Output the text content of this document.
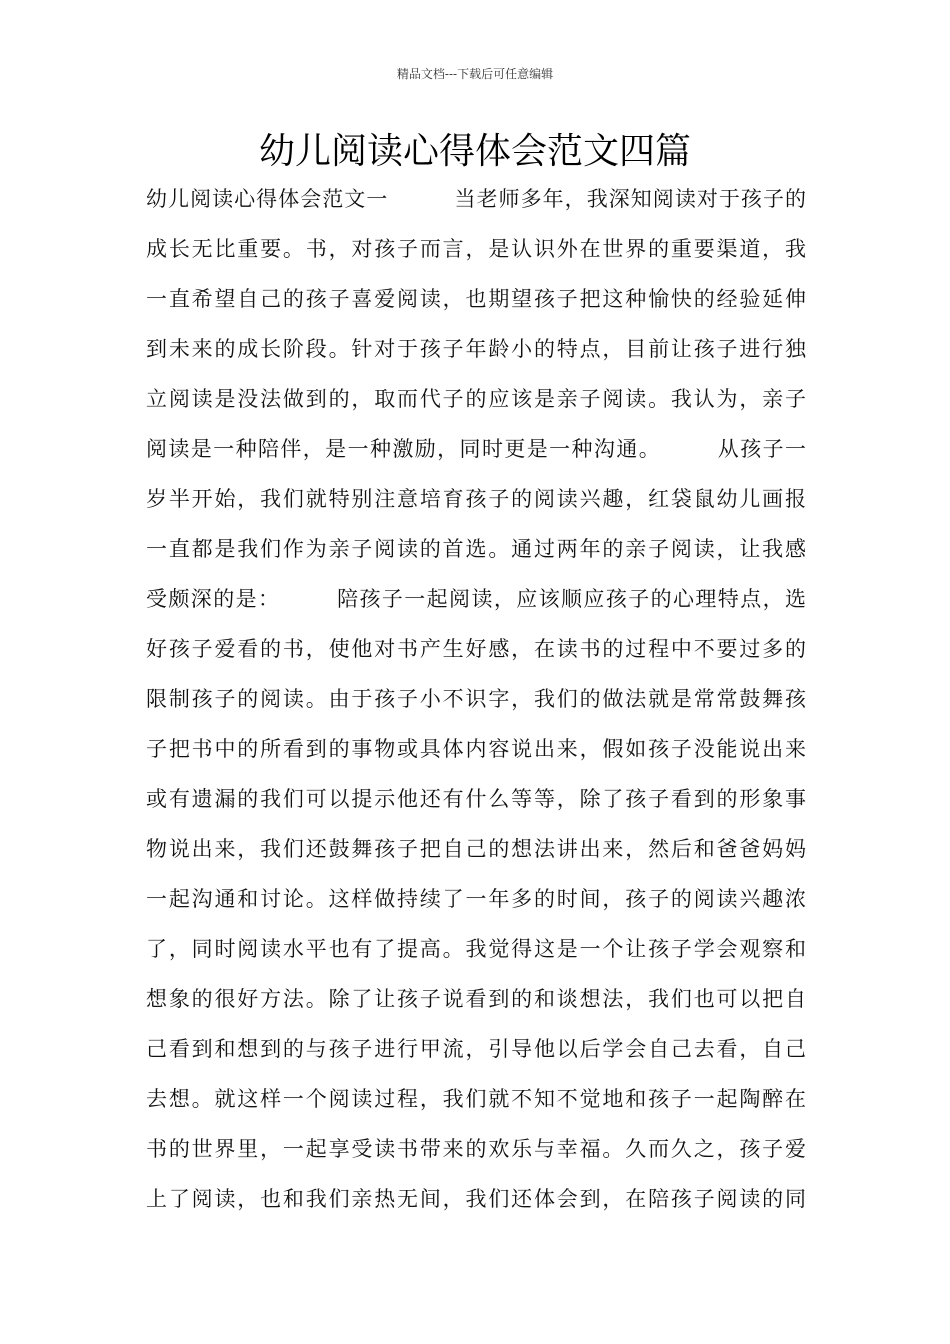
精品文档---下载后可任意编辑
幼儿阅读心得体会范文四篇
幼儿阅读心得体会范文一　　　当老师多年，我深知阅读对于孩子的
成长无比重要。书，对孩子而言，是认识外在世界的重要渠道，我
一直希望自己的孩子喜爱阅读，也期望孩子把这种愉快的经验延伸
到未来的成长阶段。针对于孩子年龄小的特点，目前让孩子进行独
立阅读是没法做到的，取而代子的应该是亲子阅读。我认为，亲子
阅读是一种陪伴，是一种激励，同时更是一种沟通。　　　从孩子一
岁半开始，我们就特别注意培育孩子的阅读兴趣，红袋鼠幼儿画报
一直都是我们作为亲子阅读的首选。通过两年的亲子阅读，让我感
受颇深的是：　　　陪孩子一起阅读，应该顺应孩子的心理特点，选
好孩子爱看的书，使他对书产生好感，在读书的过程中不要过多的
限制孩子的阅读。由于孩子小不识字，我们的做法就是常常鼓舞孩
子把书中的所看到的事物或具体内容说出来，假如孩子没能说出来
或有遗漏的我们可以提示他还有什么等等，除了孩子看到的形象事
物说出来，我们还鼓舞孩子把自己的想法讲出来，然后和爸爸妈妈
一起沟通和讨论。这样做持续了一年多的时间，孩子的阅读兴趣浓
了，同时阅读水平也有了提高。我觉得这是一个让孩子学会观察和
想象的很好方法。除了让孩子说看到的和谈想法，我们也可以把自
己看到和想到的与孩子进行甲流，引导他以后学会自己去看，自己
去想。就这样一个阅读过程，我们就不知不觉地和孩子一起陶醉在
书的世界里，一起享受读书带来的欢乐与幸福。久而久之，孩子爱
上了阅读，也和我们亲热无间，我们还体会到，在陪孩子阅读的同
